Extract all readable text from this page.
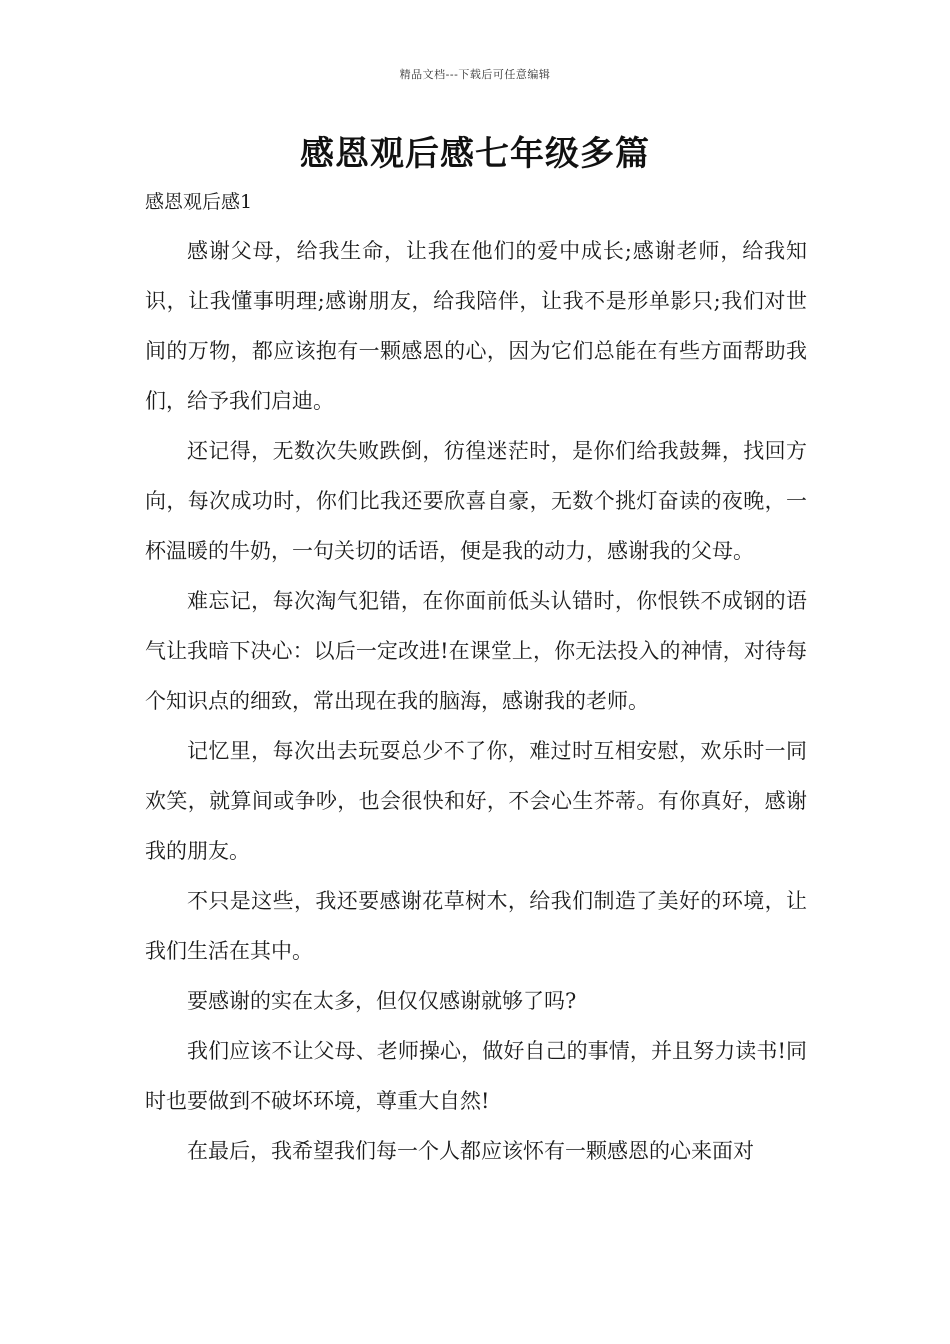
精品文档---下载后可任意编辑
感恩观后感七年级多篇
感恩观后感1

感谢父母，给我生命，让我在他们的爱中成长;感谢老师，给我知识，让我懂事明理;感谢朋友，给我陪伴，让我不是形单影只;我们对世间的万物，都应该抱有一颗感恩的心，因为它们总能在有些方面帮助我们，给予我们启迪。

还记得，无数次失败跌倒，彷徨迷茫时，是你们给我鼓舞，找回方向，每次成功时，你们比我还要欣喜自豪，无数个挑灯奋读的夜晚，一杯温暖的牛奶，一句关切的话语，便是我的动力，感谢我的父母。

难忘记，每次淘气犯错，在你面前低头认错时，你恨铁不成钢的语气让我暗下决心：以后一定改进!在课堂上，你无法投入的神情，对待每个知识点的细致，常出现在我的脑海，感谢我的老师。

记忆里，每次出去玩耍总少不了你，难过时互相安慰，欢乐时一同欢笑，就算间或争吵，也会很快和好，不会心生芥蒂。有你真好，感谢我的朋友。

不只是这些，我还要感谢花草树木，给我们制造了美好的环境，让我们生活在其中。

要感谢的实在太多，但仅仅感谢就够了吗?

我们应该不让父母、老师操心，做好自己的事情，并且努力读书!同时也要做到不破坏环境，尊重大自然!

在最后，我希望我们每一个人都应该怀有一颗感恩的心来面对
